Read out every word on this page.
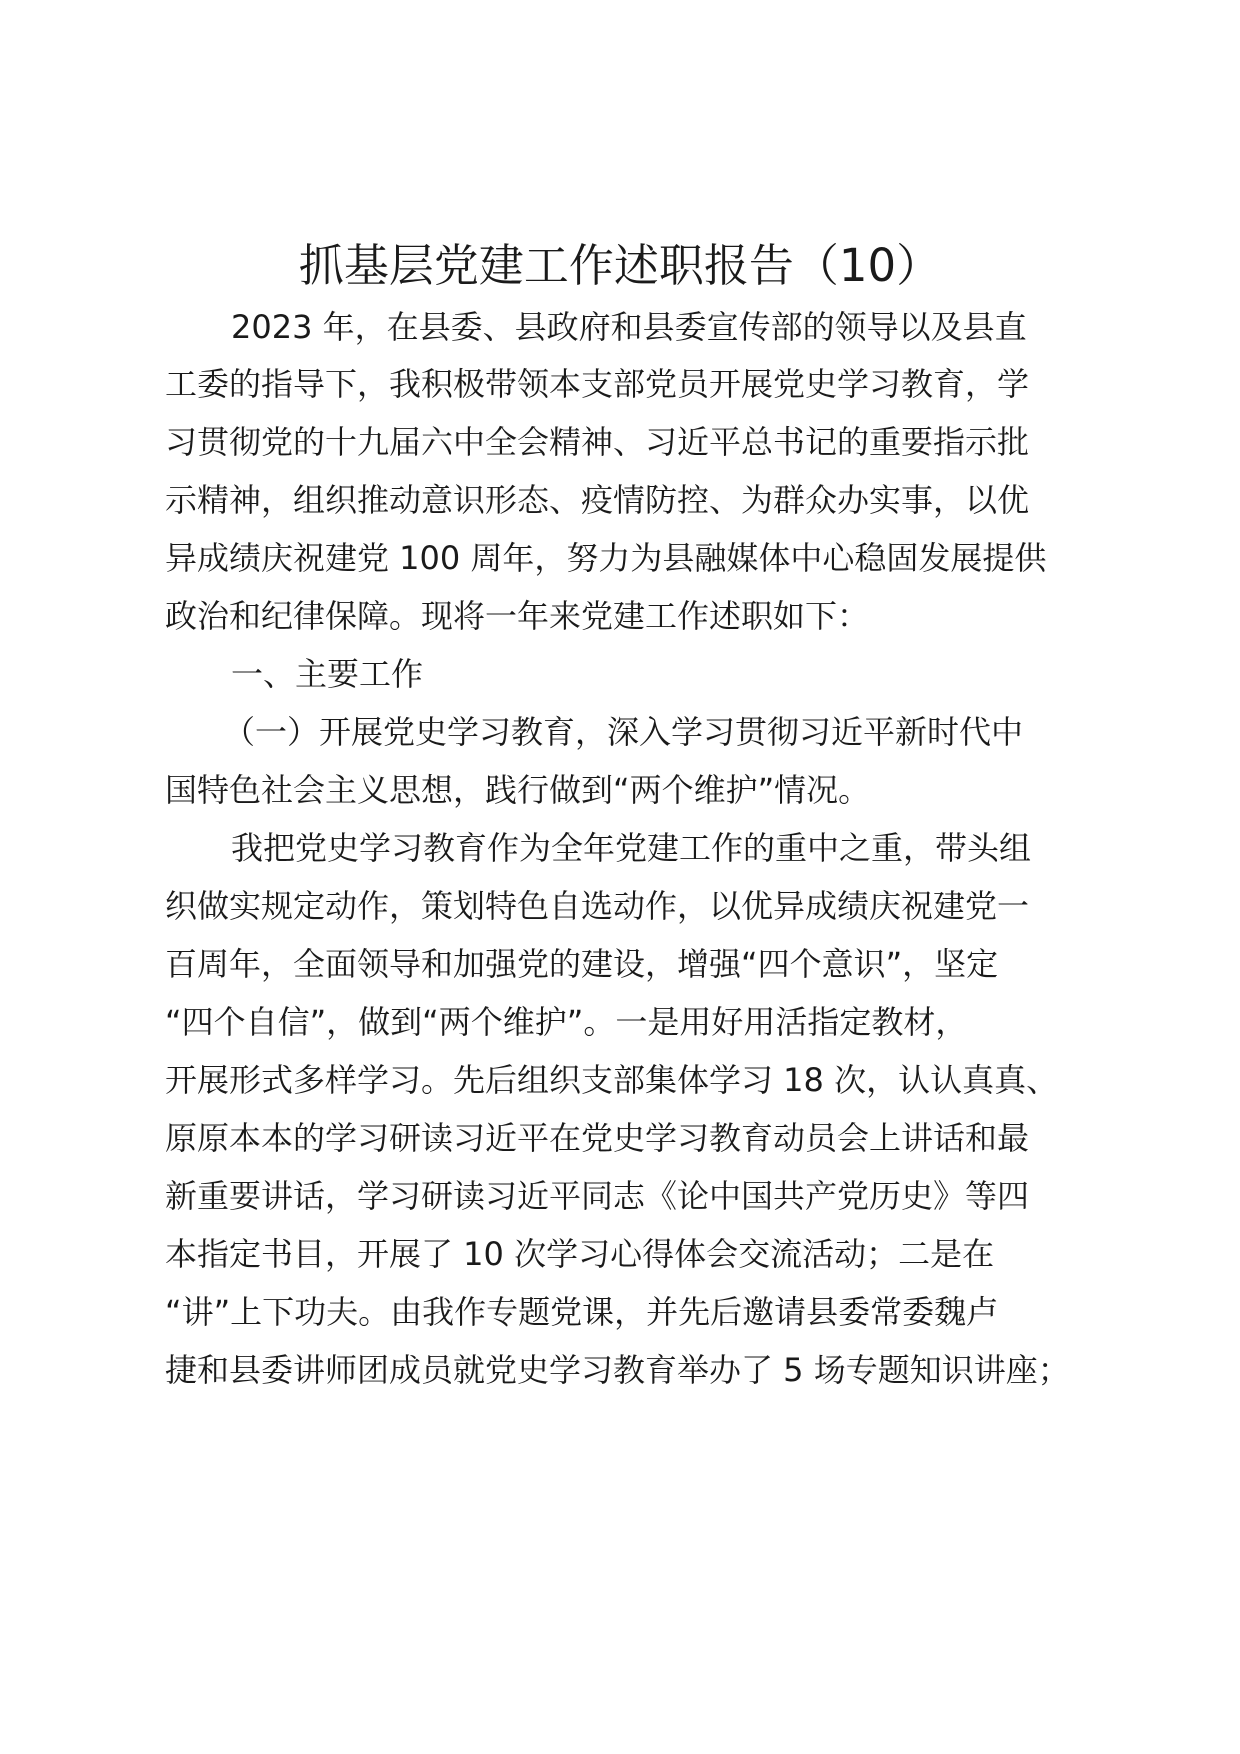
抓基层党建工作述职报告（10）
2023 年，在县委、县政府和县委宣传部的领导以及县直
工委的指导下，我积极带领本支部党员开展党史学习教育，学
习贯彻党的十九届六中全会精神、习近平总书记的重要指示批
示精神，组织推动意识形态、疫情防控、为群众办实事，以优
异成绩庆祝建党 100 周年，努力为县融媒体中心稳固发展提供
政治和纪律保障。现将一年来党建工作述职如下：
一、主要工作
（一）开展党史学习教育，深入学习贯彻习近平新时代中
国特色社会主义思想，践行做到“两个维护”情况。
我把党史学习教育作为全年党建工作的重中之重，带头组
织做实规定动作，策划特色自选动作，以优异成绩庆祝建党一
百周年，全面领导和加强党的建设，增强“四个意识”，坚定
“四个自信”，做到“两个维护”。一是用好用活指定教材，
开展形式多样学习。先后组织支部集体学习 18 次，认认真真、
原原本本的学习研读习近平在党史学习教育动员会上讲话和最
新重要讲话，学习研读习近平同志《论中国共产党历史》等四
本指定书目，开展了 10 次学习心得体会交流活动；二是在
“讲”上下功夫。由我作专题党课，并先后邀请县委常委魏卢
捷和县委讲师团成员就党史学习教育举办了 5 场专题知识讲座；
